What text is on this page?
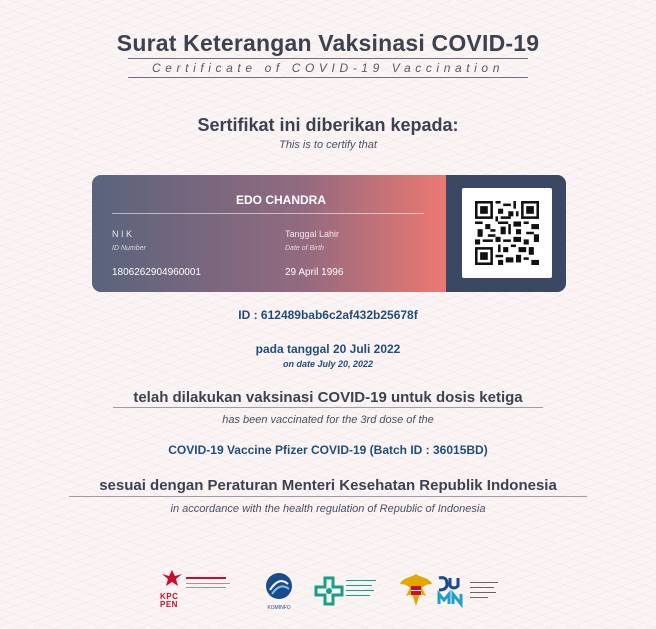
Surat Keterangan Vaksinasi COVID-19
Certificate of COVID-19 Vaccination
Sertifikat ini diberikan kepada:
This is to certify that
EDO CHANDRA
N I K
ID Number
1806262904960001
Tanggal Lahir
Date of Birth
29 April 1996
ID : 612489bab6c2af432b25678f
pada tanggal 20 Juli 2022
on date July 20, 2022
telah dilakukan vaksinasi COVID-19 untuk dosis ketiga
has been vaccinated for the 3rd dose of the
COVID-19 Vaccine Pfizer COVID-19 (Batch ID : 36015BD)
sesuai dengan Peraturan Menteri Kesehatan Republik Indonesia
in accordance with the health regulation of Republic of Indonesia
KPC PEN	KOMINFO
